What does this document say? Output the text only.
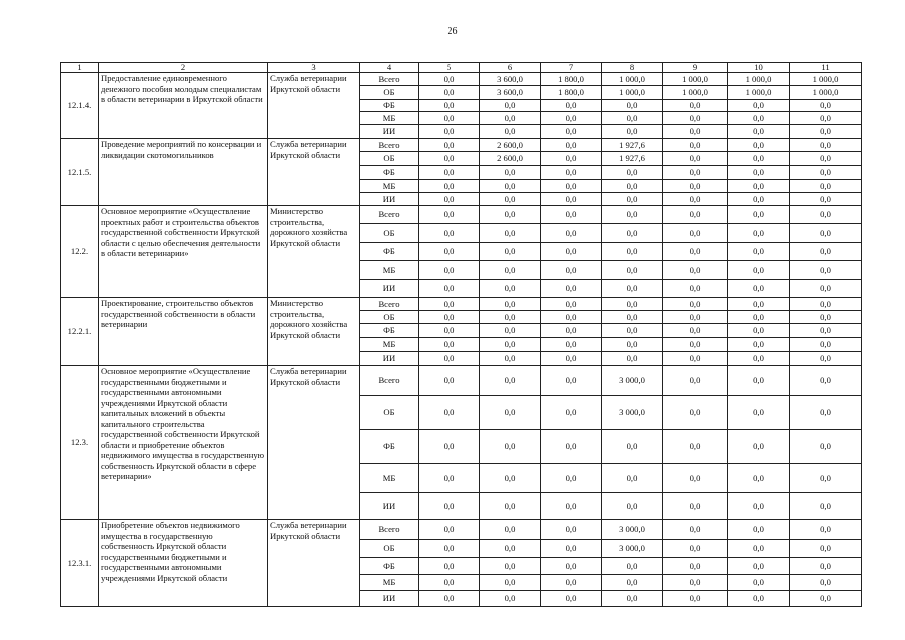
26
1	2	3	4	5	6	7	8	9	10	11
12.1.4.	Предоставление единовременного денежного пособия молодым специалистам в области ветеринарии в Иркутской области	Служба ветеринарии Иркутской области	Всего	0,0	3 600,0	1 800,0	1 000,0	1 000,0	1 000,0	1 000,0
			ОБ	0,0	3 600,0	1 800,0	1 000,0	1 000,0	1 000,0	1 000,0
			ФБ	0,0	0,0	0,0	0,0	0,0	0,0	0,0
			МБ	0,0	0,0	0,0	0,0	0,0	0,0	0,0
			ИИ	0,0	0,0	0,0	0,0	0,0	0,0	0,0
12.1.5.	Проведение мероприятий по консервации и ликвидации скотомогильников	Служба ветеринарии Иркутской области	Всего	0,0	2 600,0	0,0	1 927,6	0,0	0,0	0,0
			ОБ	0,0	2 600,0	0,0	1 927,6	0,0	0,0	0,0
			ФБ	0,0	0,0	0,0	0,0	0,0	0,0	0,0
			МБ	0,0	0,0	0,0	0,0	0,0	0,0	0,0
			ИИ	0,0	0,0	0,0	0,0	0,0	0,0	0,0
12.2.	Основное мероприятие «Осуществление проектных работ и строительства объектов государственной собственности Иркутской области с целью обеспечения деятельности в области ветеринарии»	Министерство строительства, дорожного хозяйства Иркутской области	Всего	0,0	0,0	0,0	0,0	0,0	0,0	0,0
			ОБ	0,0	0,0	0,0	0,0	0,0	0,0	0,0
			ФБ	0,0	0,0	0,0	0,0	0,0	0,0	0,0
			МБ	0,0	0,0	0,0	0,0	0,0	0,0	0,0
			ИИ	0,0	0,0	0,0	0,0	0,0	0,0	0,0
12.2.1.	Проектирование, строительство объектов государственной собственности в области ветеринарии	Министерство строительства, дорожного хозяйства Иркутской области	Всего	0,0	0,0	0,0	0,0	0,0	0,0	0,0
			ОБ	0,0	0,0	0,0	0,0	0,0	0,0	0,0
			ФБ	0,0	0,0	0,0	0,0	0,0	0,0	0,0
			МБ	0,0	0,0	0,0	0,0	0,0	0,0	0,0
			ИИ	0,0	0,0	0,0	0,0	0,0	0,0	0,0
12.3.	Основное мероприятие «Осуществление государственными бюджетными и государственными автономными учреждениями Иркутской области капитальных вложений в объекты капитального строительства государственной собственности Иркутской области и приобретение объектов недвижимого имущества в государственную собственность Иркутской области в сфере ветеринарии»	Служба ветеринарии Иркутской области	Всего	0,0	0,0	0,0	3 000,0	0,0	0,0	0,0
			ОБ	0,0	0,0	0,0	3 000,0	0,0	0,0	0,0
			ФБ	0,0	0,0	0,0	0,0	0,0	0,0	0,0
			МБ	0,0	0,0	0,0	0,0	0,0	0,0	0,0
			ИИ	0,0	0,0	0,0	0,0	0,0	0,0	0,0
12.3.1.	Приобретение объектов недвижимого имущества в государственную собственность Иркутской области государственными бюджетными и государственными автономными учреждениями Иркутской области	Служба ветеринарии Иркутской области	Всего	0,0	0,0	0,0	3 000,0	0,0	0,0	0,0
			ОБ	0,0	0,0	0,0	3 000,0	0,0	0,0	0,0
			ФБ	0,0	0,0	0,0	0,0	0,0	0,0	0,0
			МБ	0,0	0,0	0,0	0,0	0,0	0,0	0,0
			ИИ	0,0	0,0	0,0	0,0	0,0	0,0	0,0
